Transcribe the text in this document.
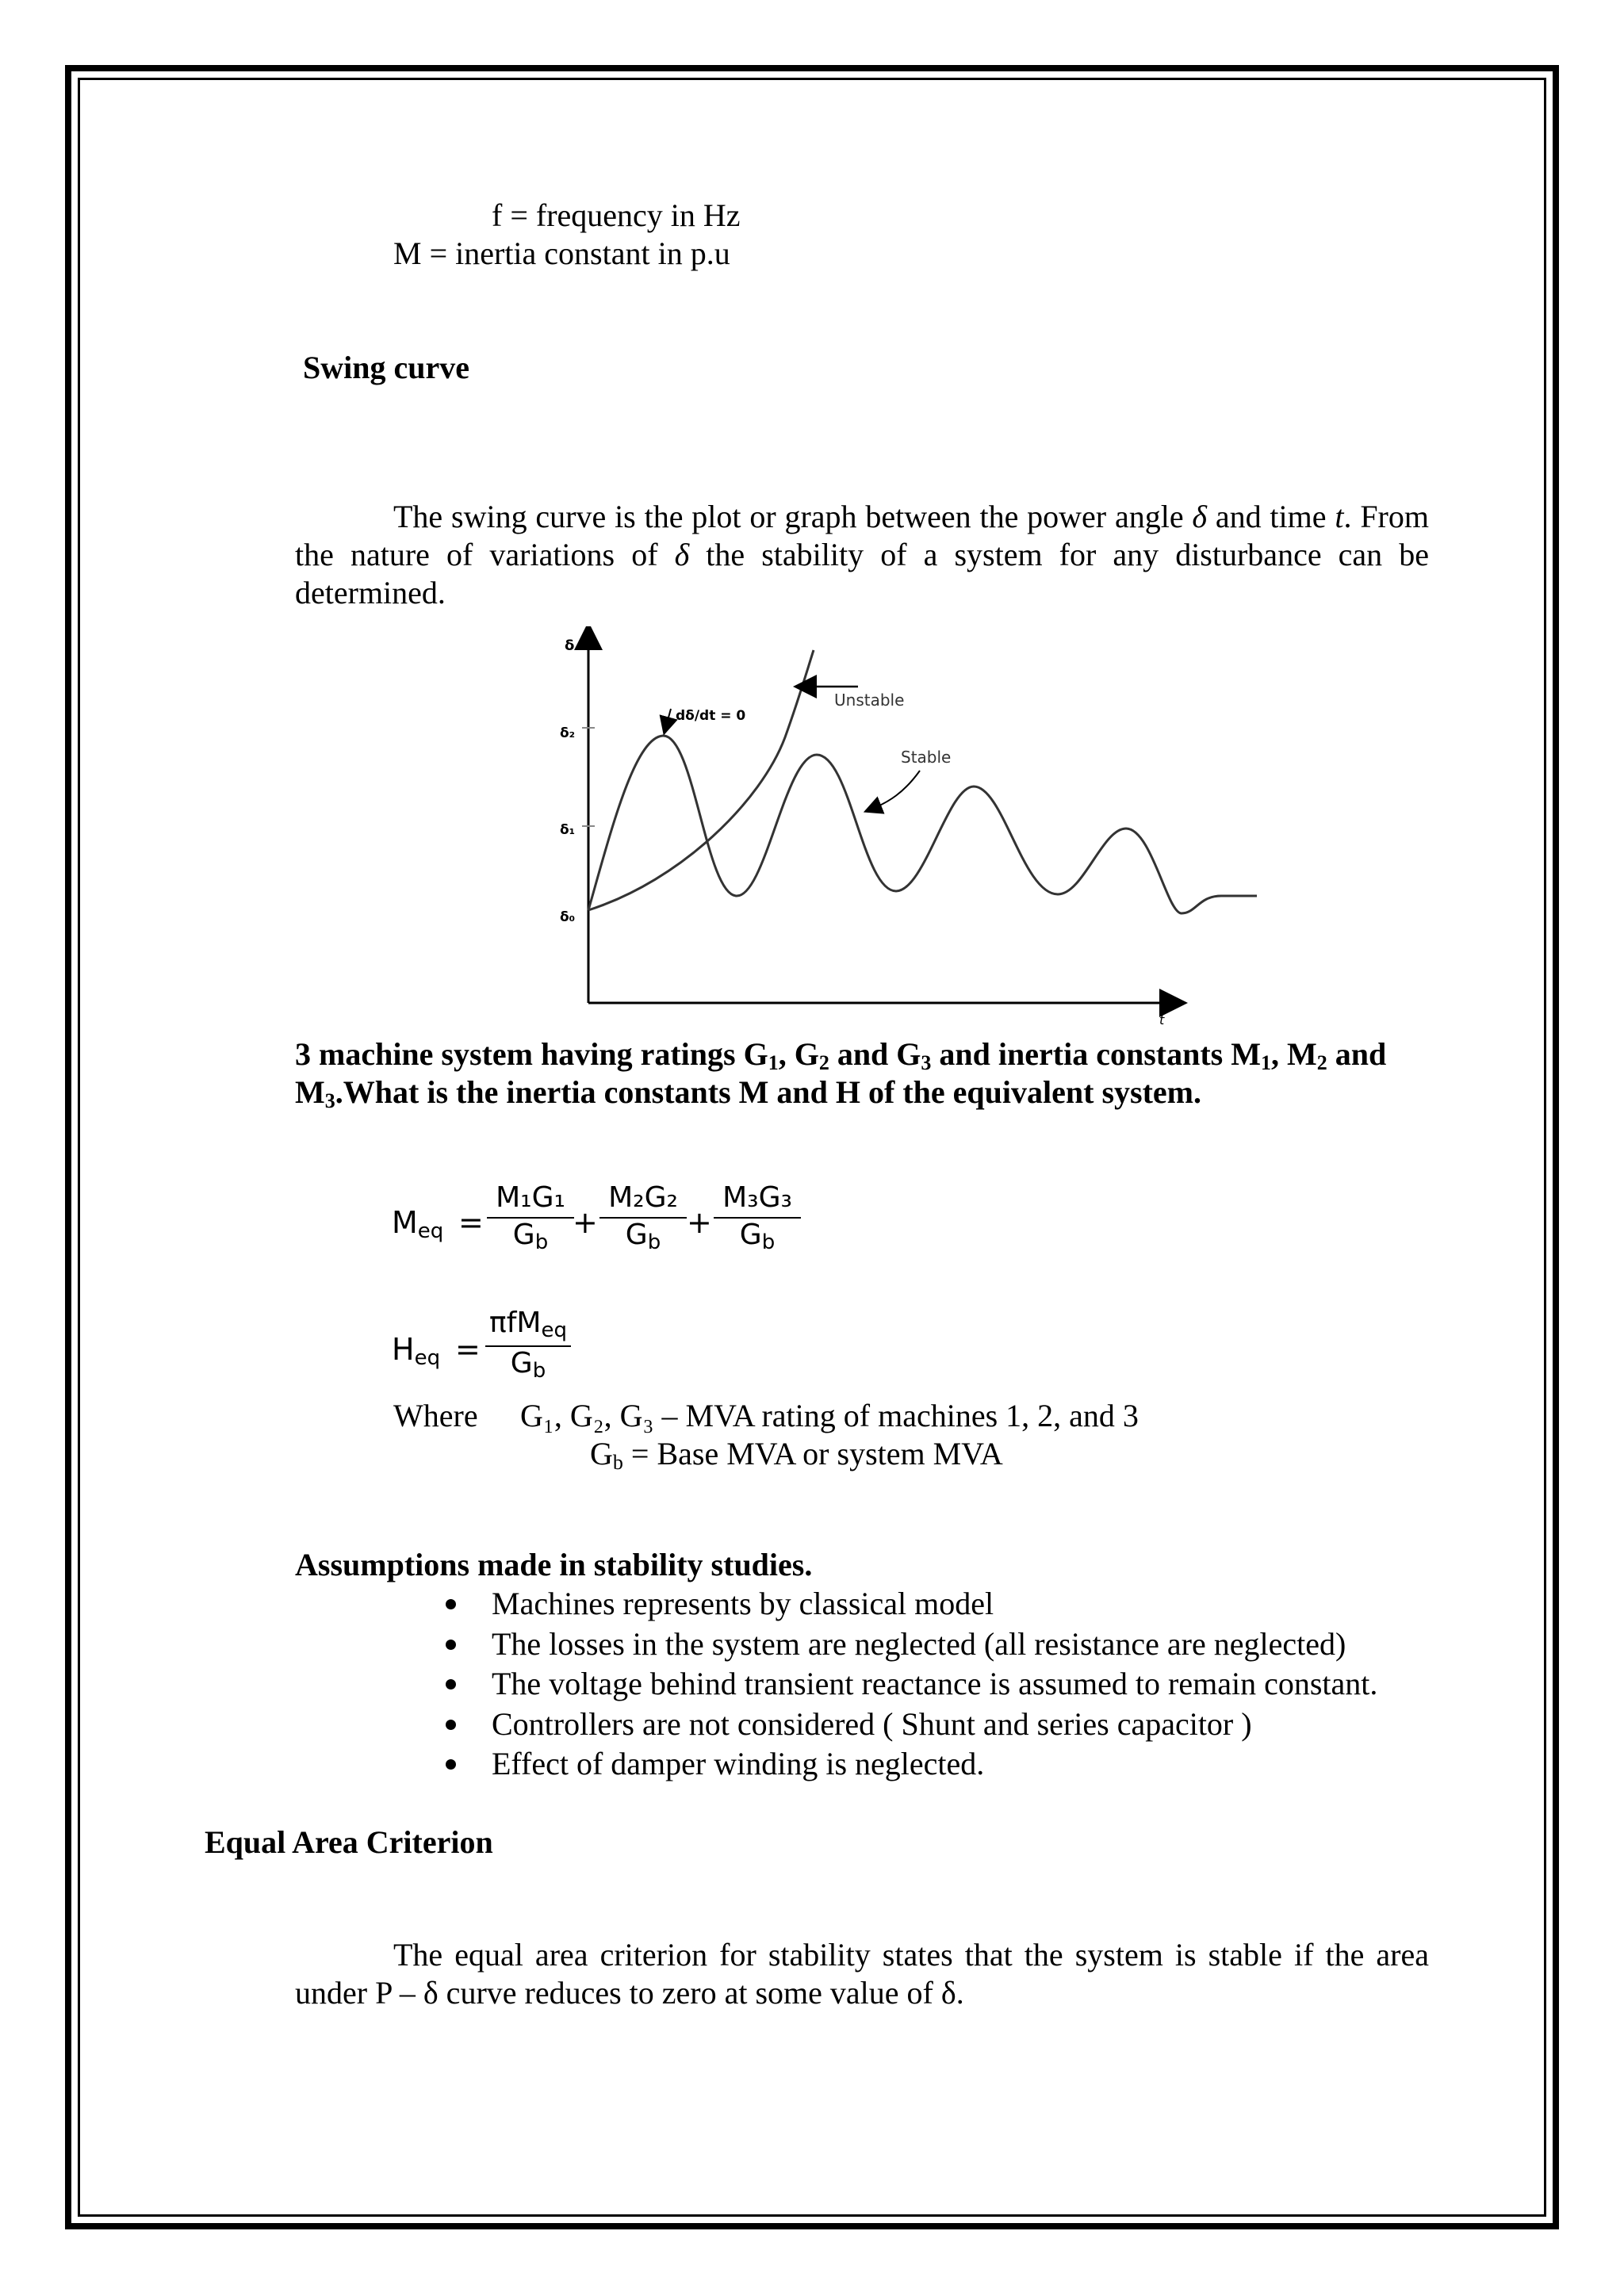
f = frequency in Hz
M = inertia constant in p.u
Swing curve
The swing curve is the plot or graph between the power angle δ and time t. From the nature of variations of δ the stability of a system for any disturbance can be determined.
δ
t
δ₂
δ₁
δ₀
dδ/dt = 0
Unstable
Stable
3 machine system having ratings $G_1$, $G_2$ and $G_3$ and inertia constants $M_1$, $M_2$ and
$M_3.What$ is the inertia constants M and H of the equivalent system.
$M_{eq} = \frac{\text{M₁G₁}}{G_b}$
+ $\frac{\text{M₂G₂}}{G_b} + \frac{\text{M₃G₃}}{G_b}$
$H_{eq}$ =
πfM$_{eq}$
$G_b$
Where G₁, G₂, G₃ – MVA rating of machines 1, 2, and 3
$G_b$ = Base MVA or system MVA
Assumptions made in stability studies.
Machines represents by classical model
The losses in the system are neglected (all resistance are neglected)
The voltage behind transient reactance is assumed to remain constant.
Controllers are not considered ( Shunt and series capacitor )
Effect of damper winding is neglected.
Equal Area Criterion
The equal area criterion for stability states that the system is stable if the area under P – δ curve reduces to zero at some value of δ.
